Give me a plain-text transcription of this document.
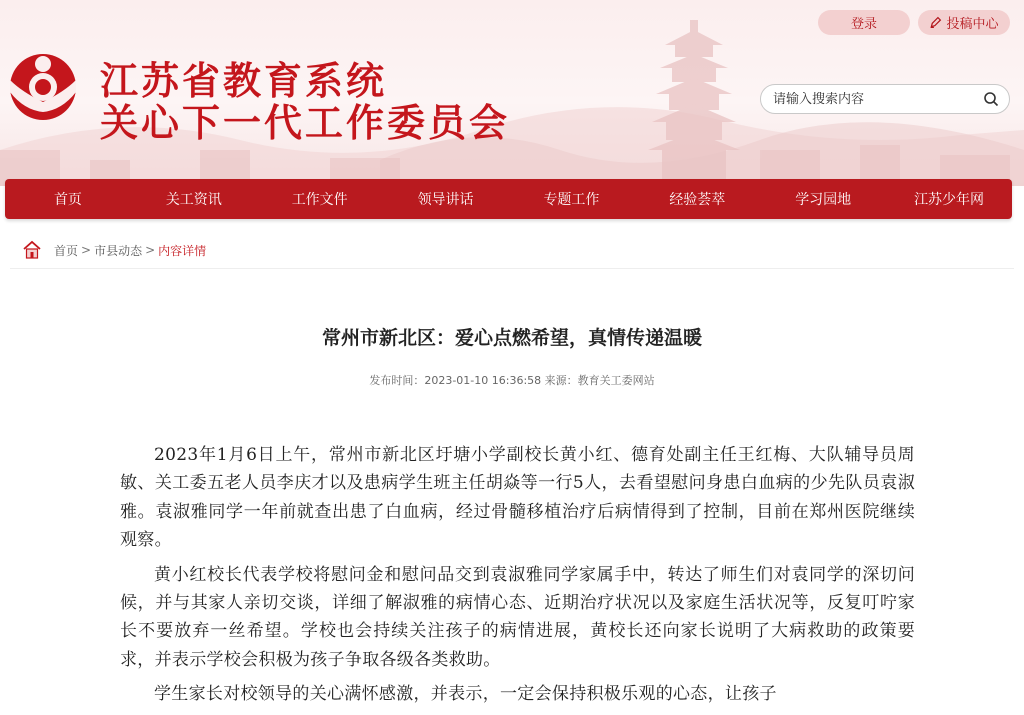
江苏省教育系统
关心下一代工作委员会
登录	投稿中心
请输入搜索内容
首页	关工资讯	工作文件	领导讲话	专题工作	经验荟萃	学习园地	江苏少年网
首页 > 市县动态 > 内容详情
常州市新北区：爱心点燃希望，真情传递温暖
发布时间：2023-01-10 16:36:58 来源：教育关工委网站

2023年1月6日上午，常州市新北区圩塘小学副校长黄小红、德育处副主任王红梅、大队辅导员周敏、关工委五老人员李庆才以及患病学生班主任胡焱等一行5人，去看望慰问身患白血病的少先队员袁淑雅。袁淑雅同学一年前就查出患了白血病，经过骨髓移植治疗后病情得到了控制，目前在郑州医院继续观察。

黄小红校长代表学校将慰问金和慰问品交到袁淑雅同学家属手中，转达了师生们对袁同学的深切问候，并与其家人亲切交谈，详细了解淑雅的病情心态、近期治疗状况以及家庭生活状况等，反复叮咛家长不要放弃一丝希望。学校也会持续关注孩子的病情进展，黄校长还向家长说明了大病救助的政策要求，并表示学校会积极为孩子争取各级各类救助。

学生家长对校领导的关心满怀感激，并表示，一定会保持积极乐观的心态，让孩子
